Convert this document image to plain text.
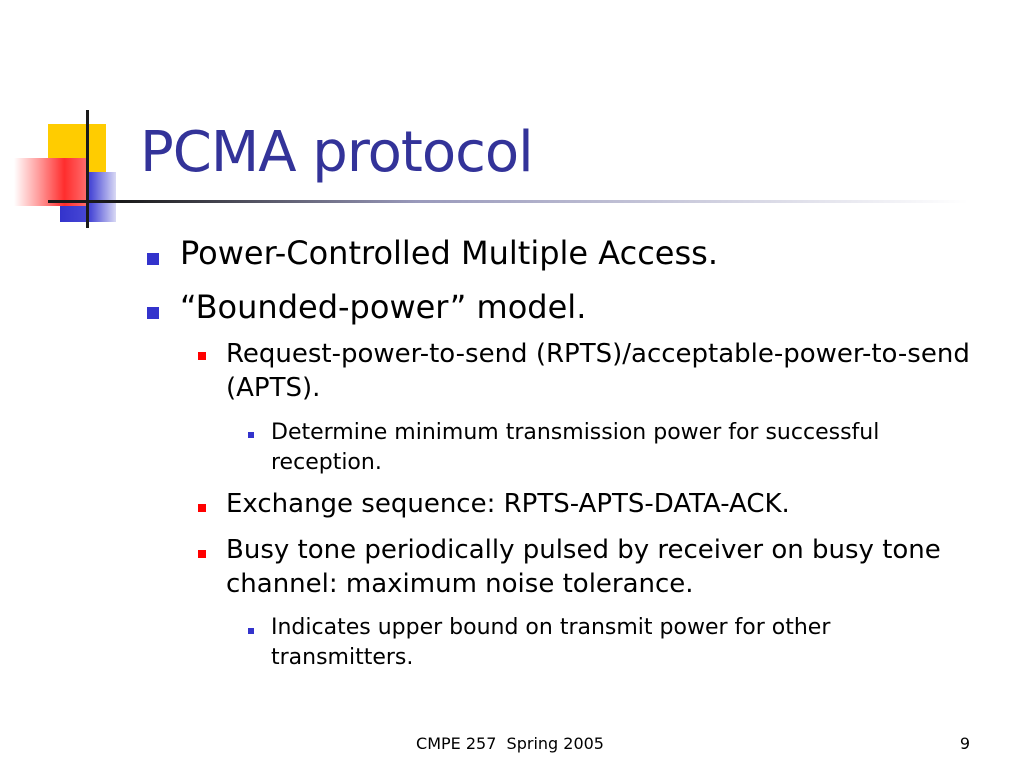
PCMA protocol
Power-Controlled Multiple Access.
“Bounded-power” model.
Request-power-to-send (RPTS)/acceptable-power-to-send (APTS).
Determine minimum transmission power for successful reception.
Exchange sequence: RPTS-APTS-DATA-ACK.
Busy tone periodically pulsed by receiver on busy tone channel: maximum noise tolerance.
Indicates upper bound on transmit power for other transmitters.
CMPE 257  Spring 2005	9
